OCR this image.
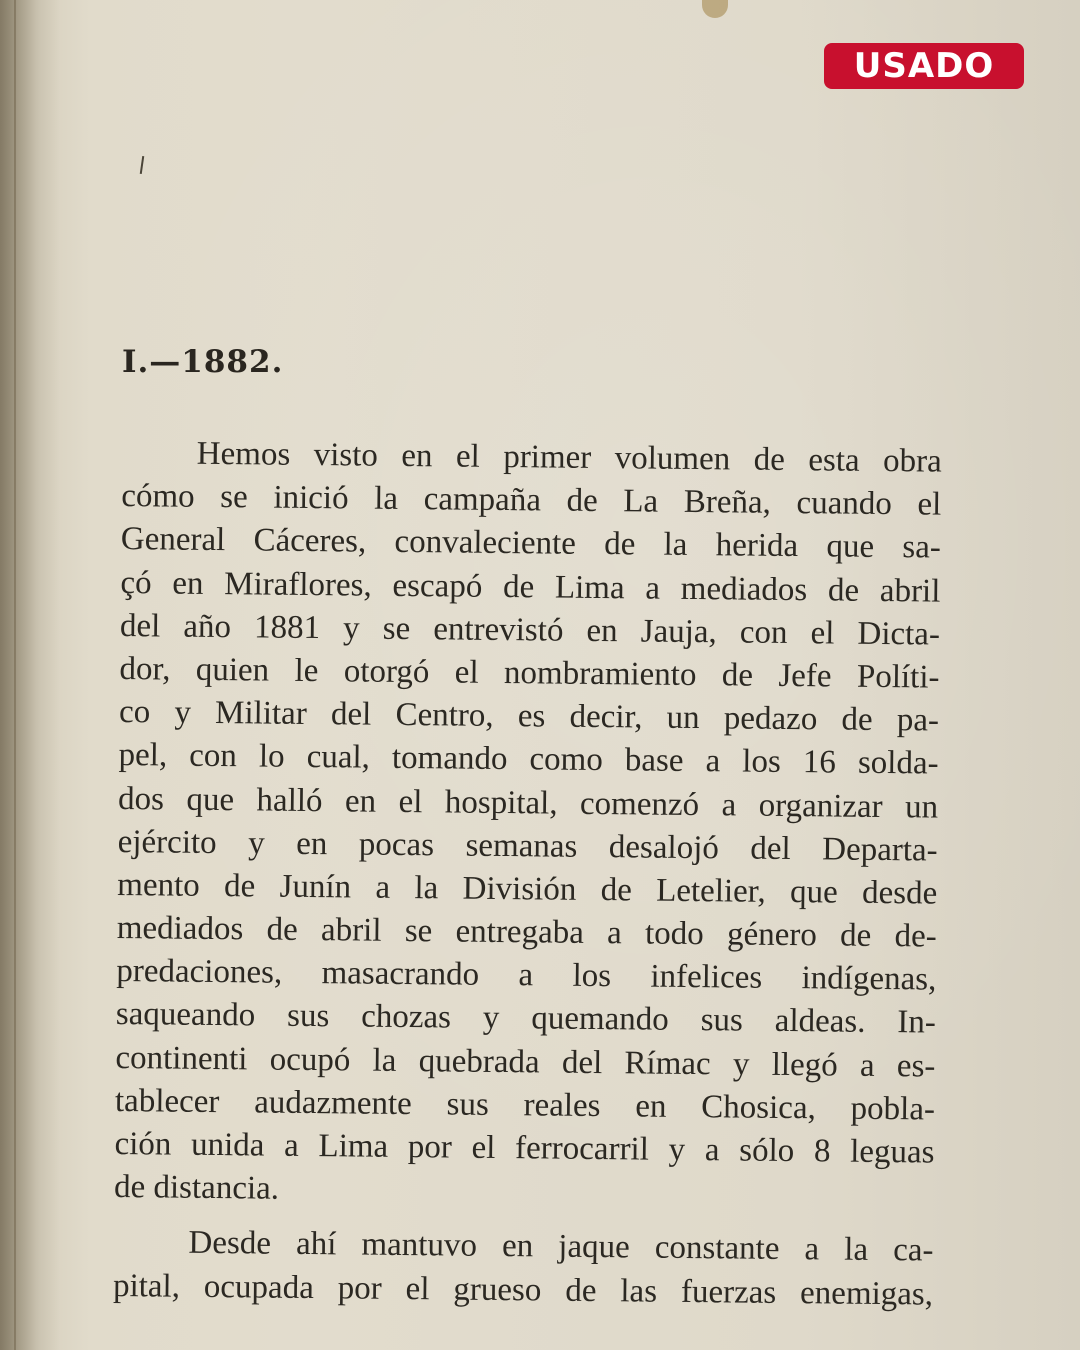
USADO
I.—1882.
Hemos visto en el primer volumen de esta obra
cómo se inició la campaña de La Breña, cuando el
General Cáceres, convaleciente de la herida que sa-
çó en Miraflores, escapó de Lima a mediados de abril
del año 1881 y se entrevistó en Jauja, con el Dicta-
dor, quien le otorgó el nombramiento de Jefe Políti-
co y Militar del Centro, es decir, un pedazo de pa-
pel, con lo cual, tomando como base a los 16 solda-
dos que halló en el hospital, comenzó a organizar un
ejército y en pocas semanas desalojó del Departa-
mento de Junín a la División de Letelier, que desde
mediados de abril se entregaba a todo género de de-
predaciones, masacrando a los infelices indígenas,
saqueando sus chozas y quemando sus aldeas. In-
continenti ocupó la quebrada del Rímac y llegó a es-
tablecer audazmente sus reales en Chosica, pobla-
ción unida a Lima por el ferrocarril y a sólo 8 leguas
de distancia.
Desde ahí mantuvo en jaque constante a la ca-
pital, ocupada por el grueso de las fuerzas enemigas,
